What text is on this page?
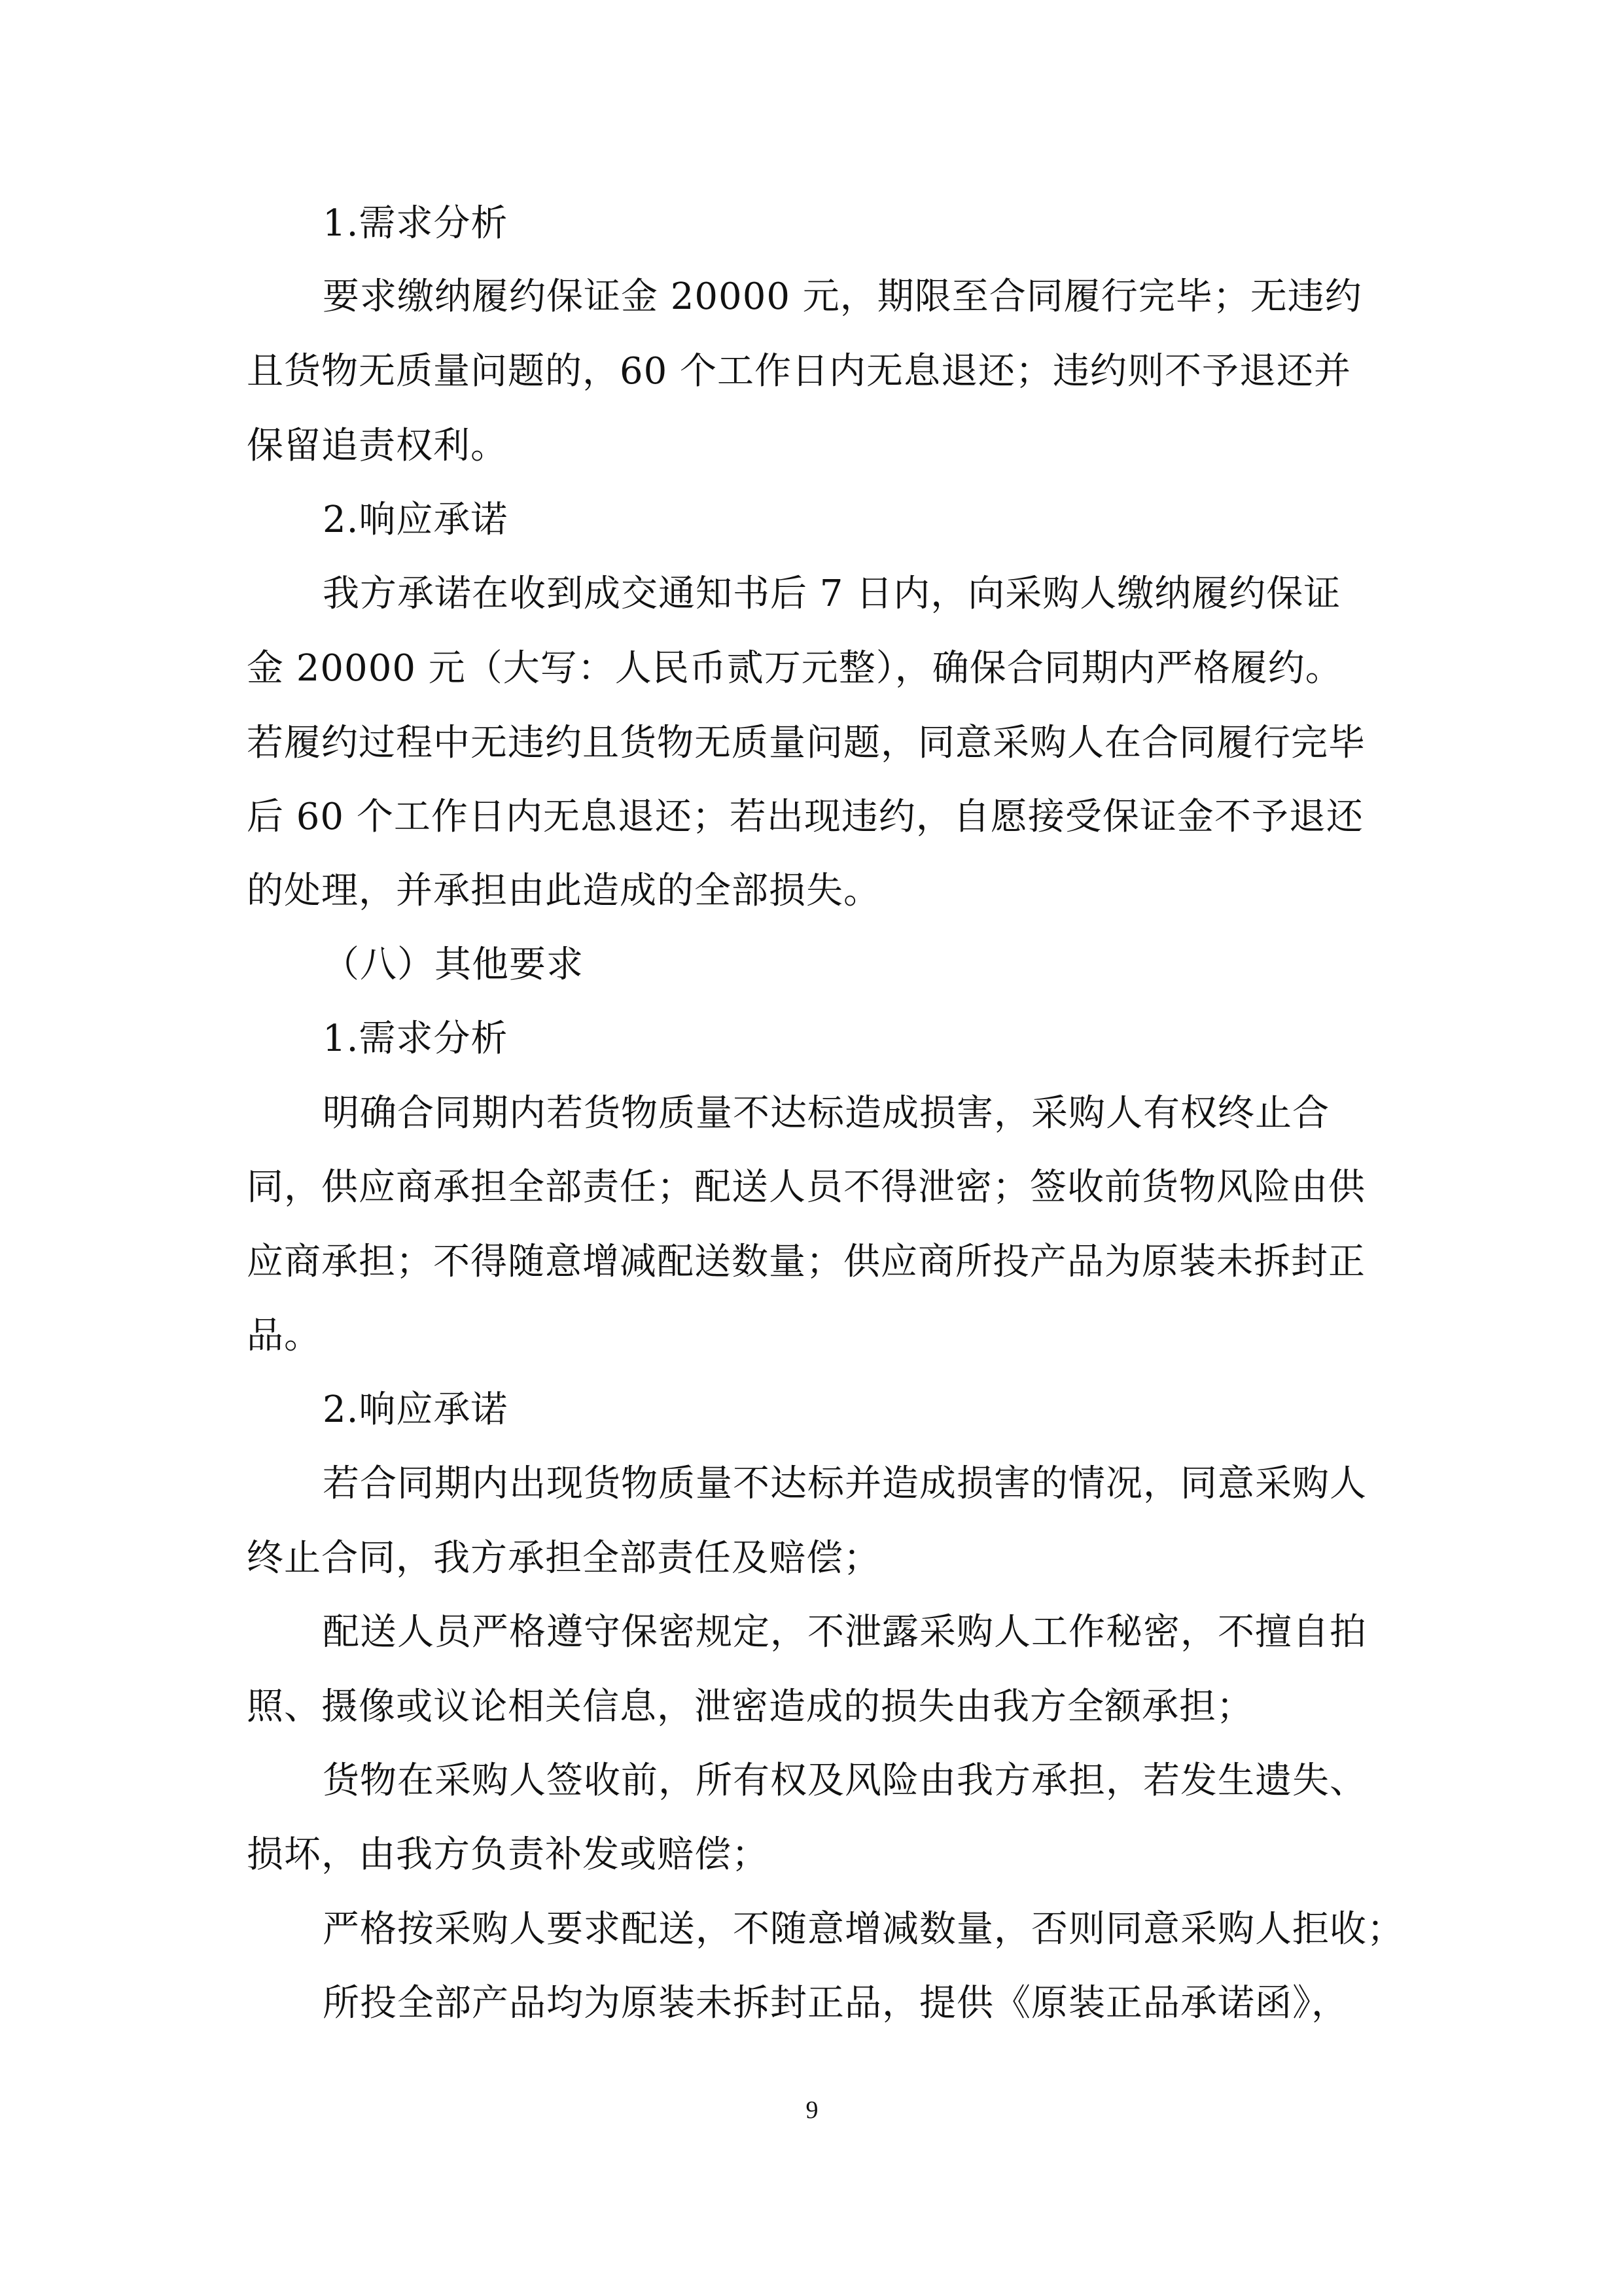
1.需求分析
要求缴纳履约保证金 20000 元，期限至合同履行完毕；无违约
且货物无质量问题的，60 个工作日内无息退还；违约则不予退还并
保留追责权利。
2.响应承诺
我方承诺在收到成交通知书后 7 日内，向采购人缴纳履约保证
金 20000 元（大写：人民币贰万元整），确保合同期内严格履约。
若履约过程中无违约且货物无质量问题，同意采购人在合同履行完毕
后 60 个工作日内无息退还；若出现违约，自愿接受保证金不予退还
的处理，并承担由此造成的全部损失。
（八）其他要求
1.需求分析
明确合同期内若货物质量不达标造成损害，采购人有权终止合
同，供应商承担全部责任；配送人员不得泄密；签收前货物风险由供
应商承担；不得随意增减配送数量；供应商所投产品为原装未拆封正
品。
2.响应承诺
若合同期内出现货物质量不达标并造成损害的情况，同意采购人
终止合同，我方承担全部责任及赔偿；
配送人员严格遵守保密规定，不泄露采购人工作秘密，不擅自拍
照、摄像或议论相关信息，泄密造成的损失由我方全额承担；
货物在采购人签收前，所有权及风险由我方承担，若发生遗失、
损坏，由我方负责补发或赔偿；
严格按采购人要求配送，不随意增减数量，否则同意采购人拒收；
所投全部产品均为原装未拆封正品，提供《原装正品承诺函》，
9
